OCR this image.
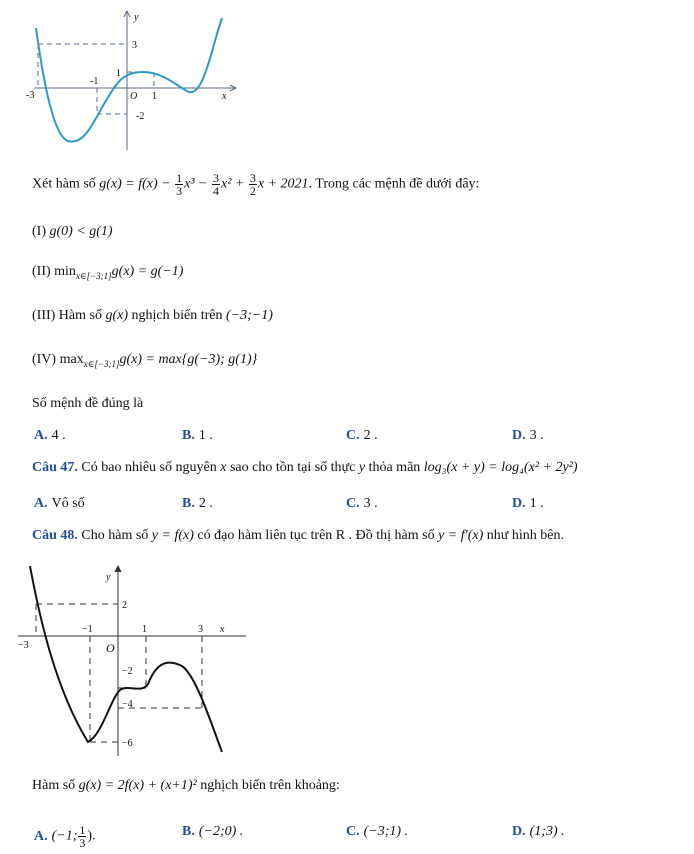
y
3
1
-1
-3	O 1	x
-2
Xét hàm số $g(x) = f(x) - \frac{1}{3} x^3 - \frac{3}{4} x^2 + \frac{3}{2}$ x + 2021. Trong các mệnh đề dưới đây:
(I) g(0) < g(1)
(II) $\min_{x\in[-3;1]}g(x) = g(-1)$
(III) Hàm số g(x) nghịch biến trên (−3;−1)
(IV) $\max_{x\in[-3;1]}g(x) = \max\{g(-3)$; g(1)}
Số mệnh đề đúng là
A. 4 .	B. 1 .	C. 2 .	D. 3 .
Câu 47. Có bao nhiêu số nguyên x sao cho tồn tại số thực y thỏa mãn log₃(x + y) = log₄(x² + 2y²)
A. Vô số	B. 2 .	C. 3 .	D. 1 .
Câu 48. Cho hàm số y = f(x) có đạo hàm liên tục trên R . Đồ thị hàm số y = f′(x) như hình bên.
y
2
−1	1	3 x
−3	O
−2
−4
−6
Hàm số g(x) = 2f(x) + (x+1)² nghịch biến trên khoảng:
A. (−1; $\frac{1}{3}$ ).	B. (−2;0) .	C. (−3;1) .	D. (1;3) .
